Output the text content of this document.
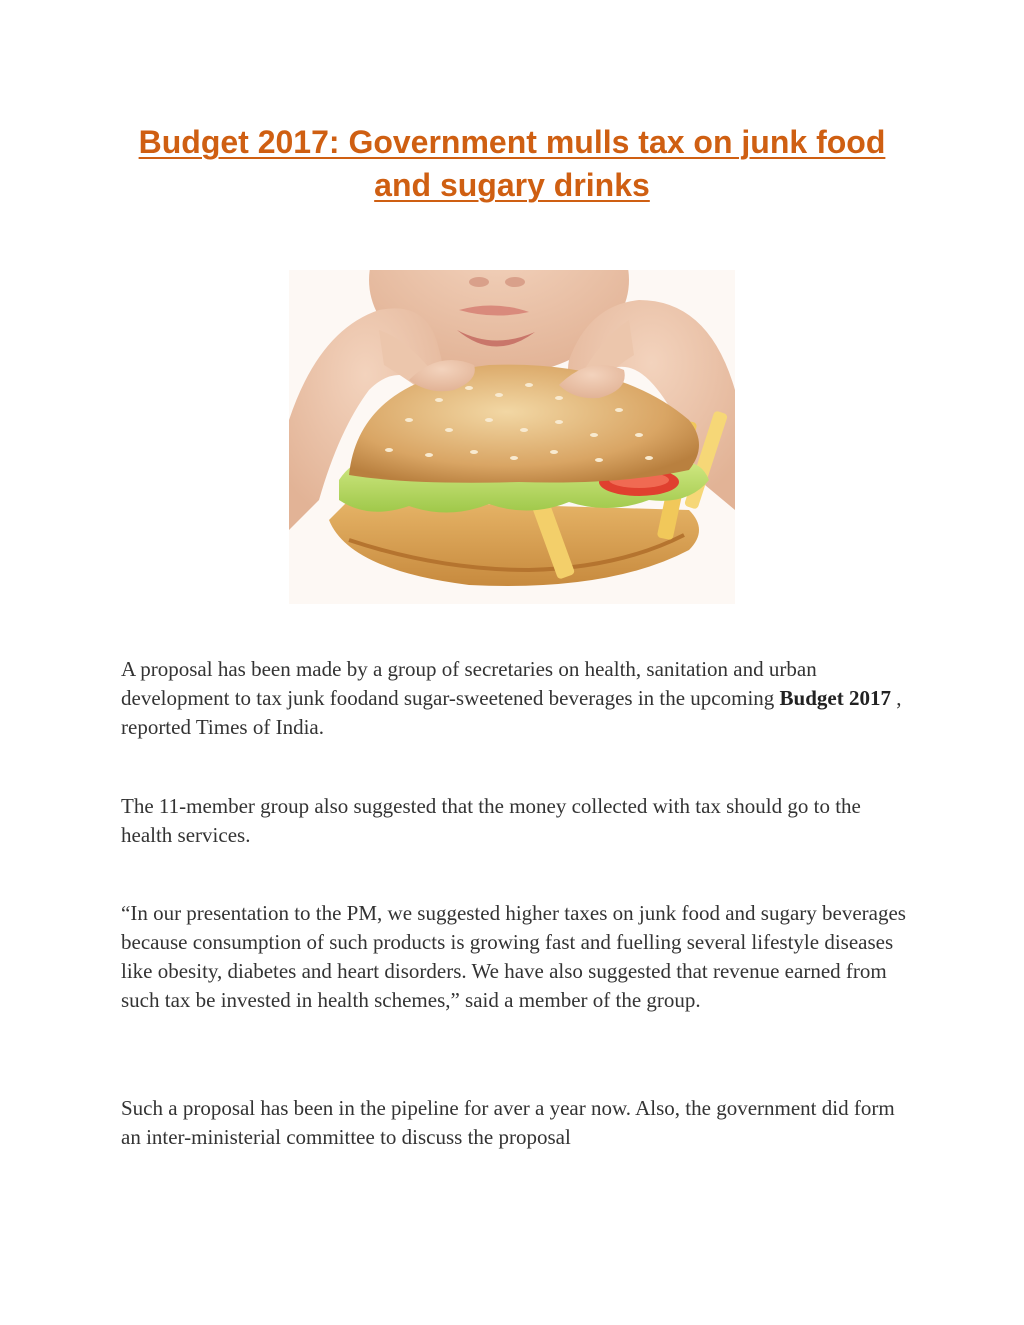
Budget 2017: Government mulls tax on junk food and sugary drinks

A proposal has been made by a group of secretaries on health, sanitation and urban development to tax junk foodand sugar-sweetened beverages in the upcoming Budget 2017 , reported Times of India.

The 11-member group also suggested that the money collected with tax should go to the health services.

“In our presentation to the PM, we suggested higher taxes on junk food and sugary beverages because consumption of such products is growing fast and fuelling several lifestyle diseases like obesity, diabetes and heart disorders. We have also suggested that revenue earned from such tax be invested in health schemes,” said a member of the group.

Such a proposal has been in the pipeline for aver a year now. Also, the government did form an inter-ministerial committee to discuss the proposal
